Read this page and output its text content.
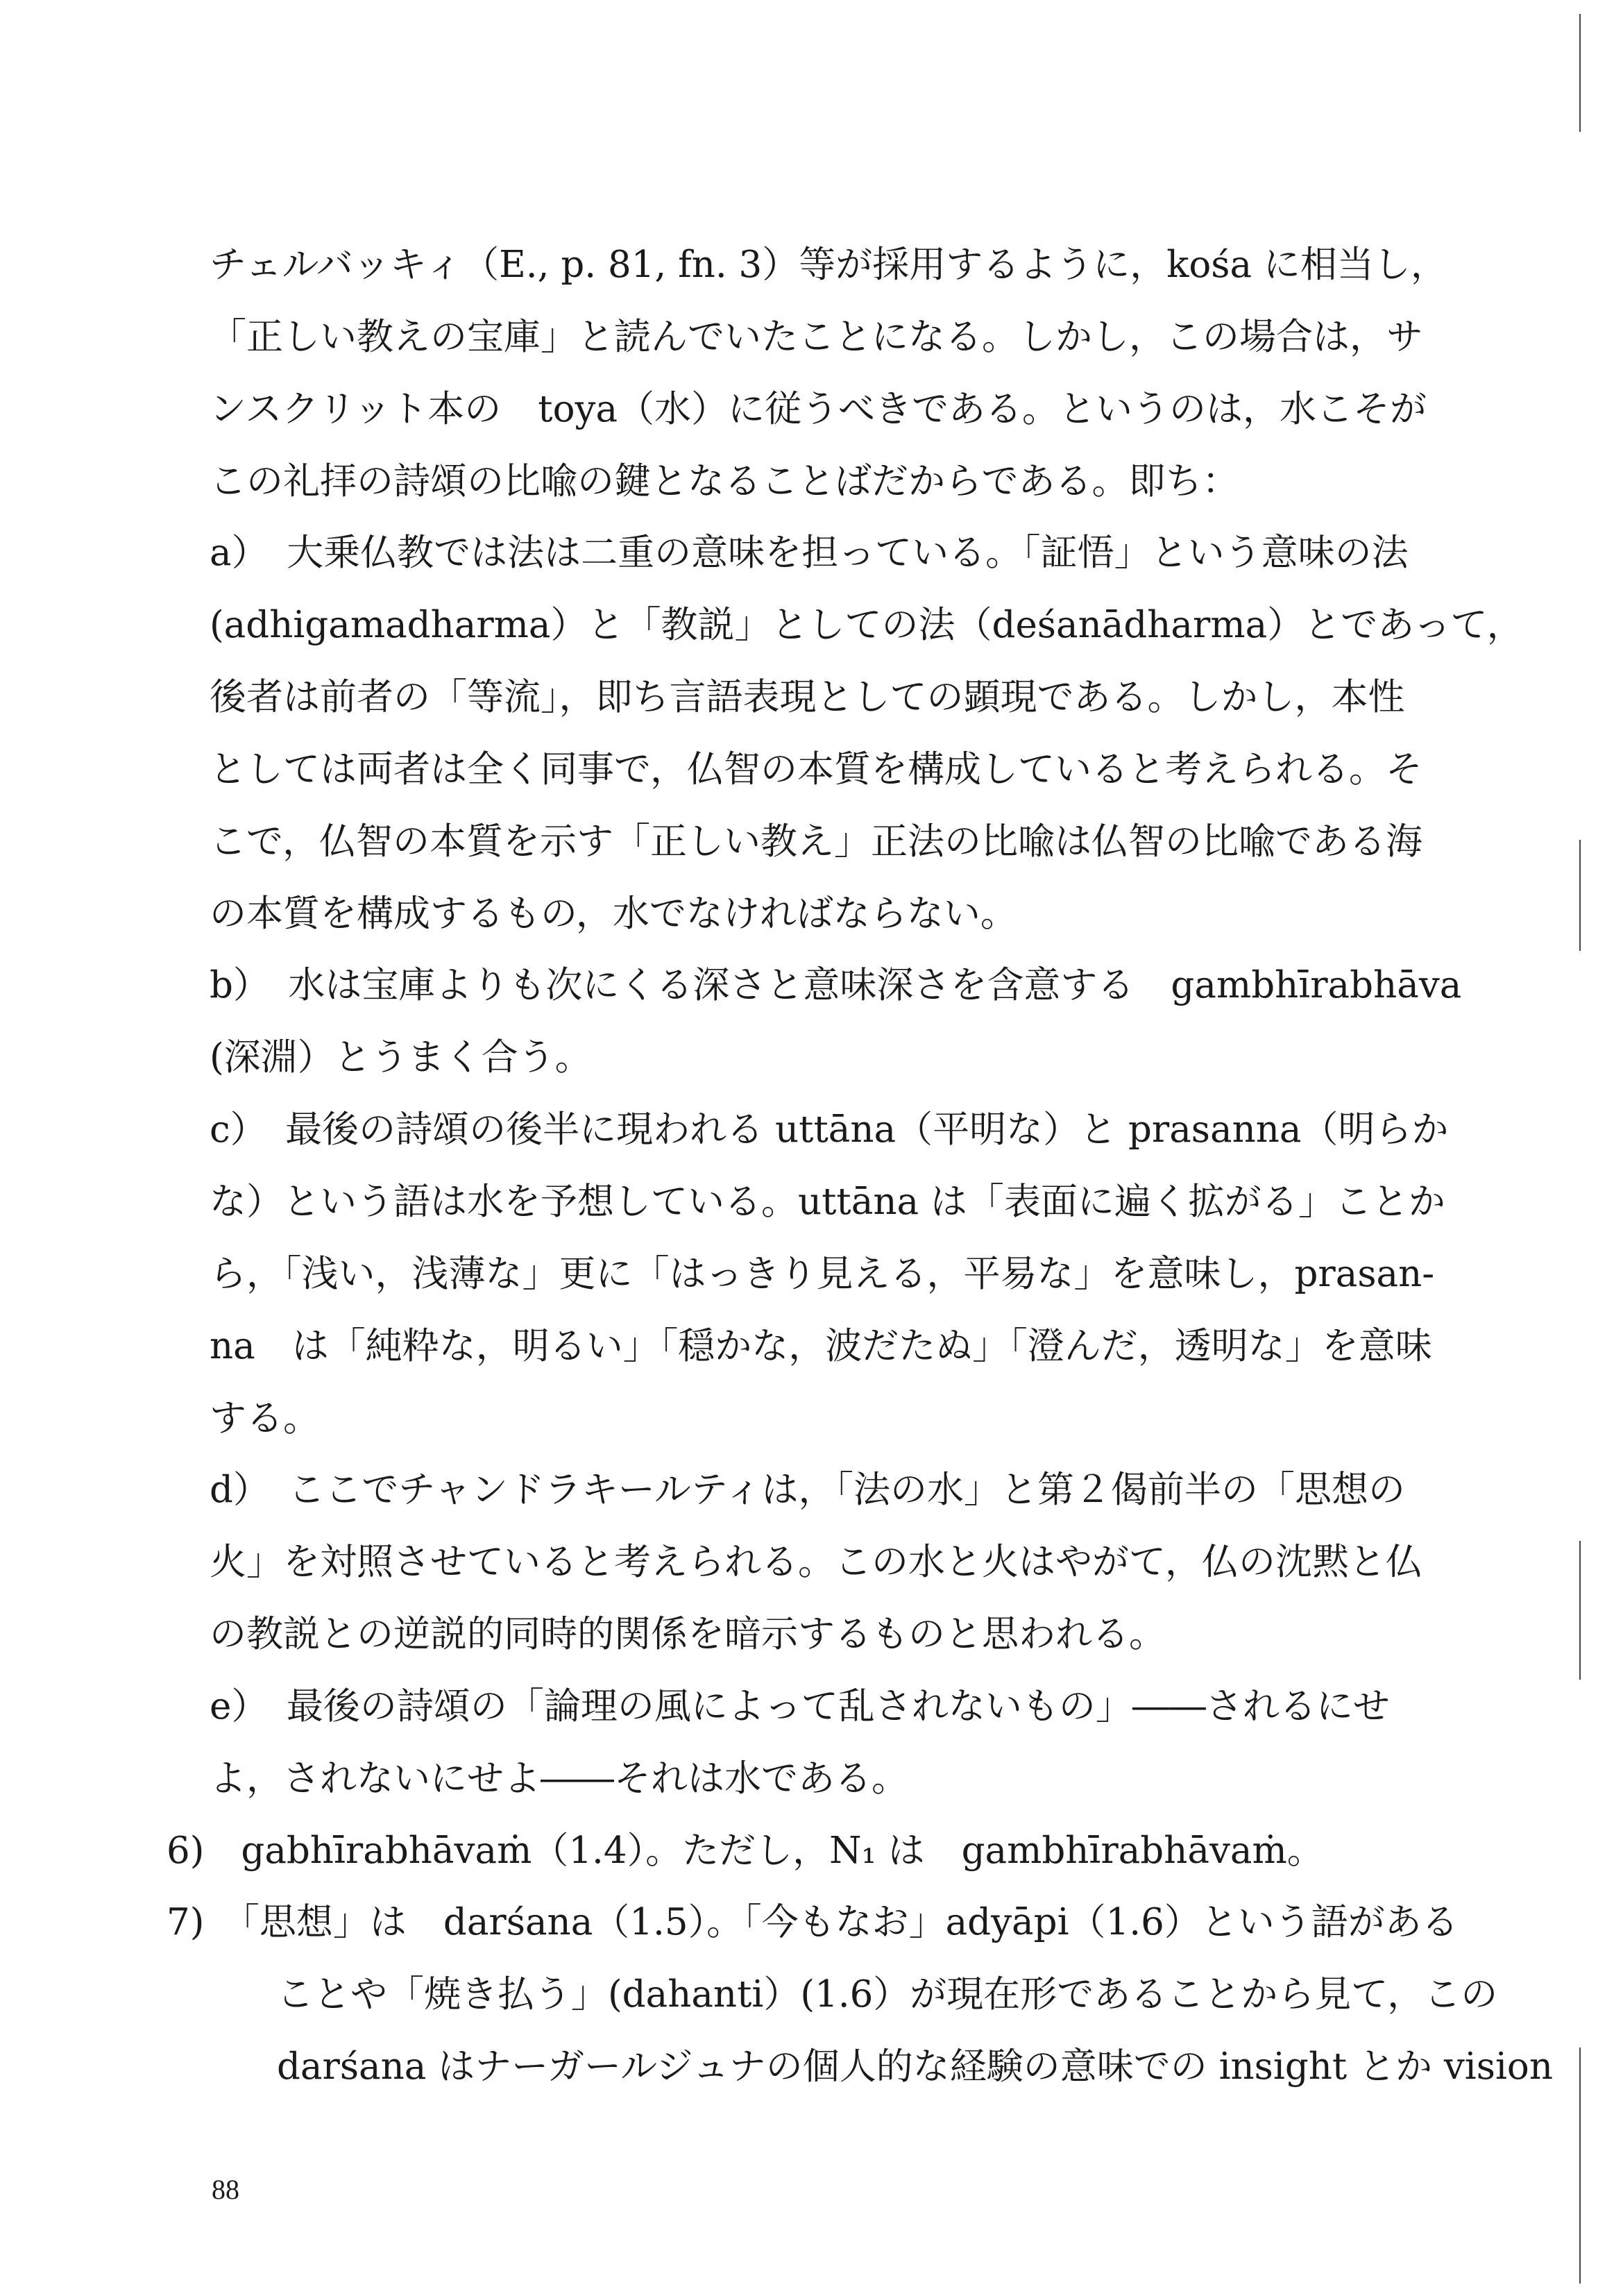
チェルバッキィ（E., p. 81, fn. 3）等が採用するように，kośa に相当し，
「正しい教えの宝庫」と読んでいたことになる。しかし，この場合は，サ
ンスクリット本の　toya（水）に従うべきである。というのは，水こそが
この礼拝の詩頌の比喩の鍵となることばだからである。即ち：
a）　大乗仏教では法は二重の意味を担っている。「証悟」という意味の法
(adhigamadharma）と「教説」としての法（deśanādharma）とであって，
後者は前者の「等流」，即ち言語表現としての顕現である。しかし，本性
としては両者は全く同事で，仏智の本質を構成していると考えられる。そ
こで，仏智の本質を示す「正しい教え」正法の比喩は仏智の比喩である海
の本質を構成するもの，水でなければならない。
b）　水は宝庫よりも次にくる深さと意味深さを含意する　gambhīrabhāva
(深淵）とうまく合う。
c）　最後の詩頌の後半に現われる uttāna（平明な）と prasanna（明らか
な）という語は水を予想している。uttāna は「表面に遍く拡がる」ことか
ら，「浅い，浅薄な」更に「はっきり見える，平易な」を意味し，prasan-
na　は「純粋な，明るい」「穏かな，波だたぬ」「澄んだ，透明な」を意味
する。
d）　ここでチャンドラキールティは，「法の水」と第２偈前半の「思想の
火」を対照させていると考えられる。この水と火はやがて，仏の沈黙と仏
の教説との逆説的同時的関係を暗示するものと思われる。
e）　最後の詩頌の「論理の風によって乱されないもの」――されるにせ
よ，されないにせよ――それは水である。
6)　gabhīrabhāvaṁ（1.4）。ただし，N₁ は　gambhīrabhāvaṁ。
7)　「思想」は　darśana（1.5）。「今もなお」adyāpi（1.6）という語がある
　　　ことや「焼き払う」(dahanti）(1.6）が現在形であることから見て，この
　　　darśana はナーガールジュナの個人的な経験の意味での insight とか vision
88
